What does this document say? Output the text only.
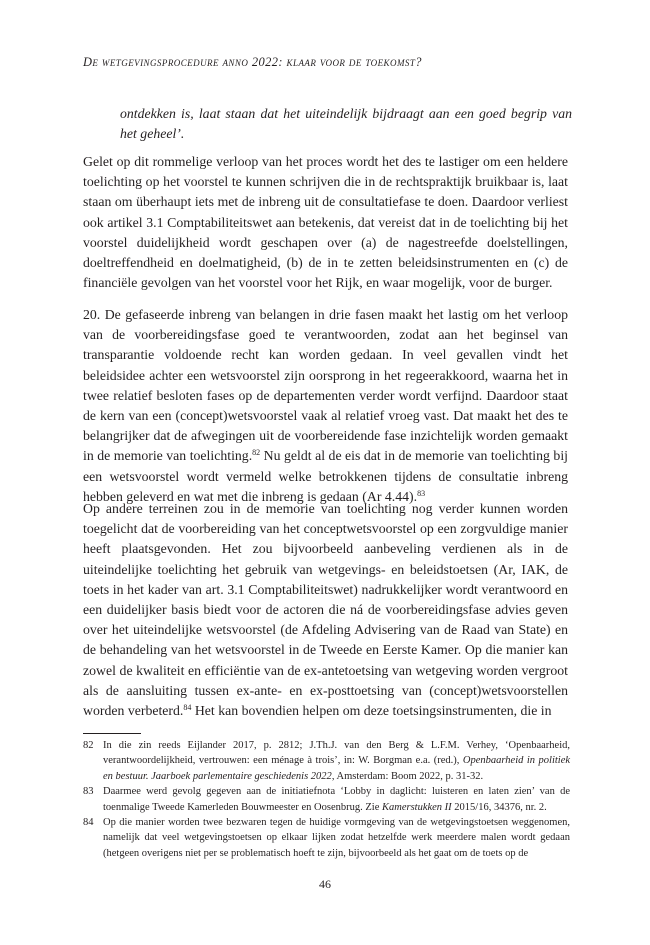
De wetgevingsprocedure anno 2022: klaar voor de toekomst?

ontdekken is, laat staan dat het uiteindelijk bijdraagt aan een goed begrip van het geheel’.

Gelet op dit rommelige verloop van het proces wordt het des te lastiger om een heldere toelichting op het voorstel te kunnen schrijven die in de rechtspraktijk bruikbaar is, laat staan om überhaupt iets met de inbreng uit de consultatiefase te doen. Daardoor verliest ook artikel 3.1 Comptabiliteitswet aan betekenis, dat vereist dat in de toelichting bij het voorstel duidelijkheid wordt geschapen over (a) de nagestreefde doelstellingen, doeltreffendheid en doelmatigheid, (b) de in te zetten beleidsinstrumenten en (c) de financiële gevolgen van het voorstel voor het Rijk, en waar mogelijk, voor de burger.

20. De gefaseerde inbreng van belangen in drie fasen maakt het lastig om het verloop van de voorbereidingsfase goed te verantwoorden, zodat aan het beginsel van transparantie voldoende recht kan worden gedaan. In veel gevallen vindt het beleidsidee achter een wetsvoorstel zijn oorsprong in het regeerakkoord, waarna het in twee relatief besloten fases op de departementen verder wordt verfijnd. Daardoor staat de kern van een (concept)wetsvoorstel vaak al relatief vroeg vast. Dat maakt het des te belangrijker dat de afwegingen uit de voorbereidende fase inzichtelijk worden gemaakt in de memorie van toelichting.$^{82}$ Nu geldt al de eis dat in de memorie van toelichting bij een wetsvoorstel wordt vermeld welke betrokkenen tijdens de consultatie inbreng hebben geleverd en wat met die inbreng is gedaan (Ar 4.44).$^{83}$

Op andere terreinen zou in de memorie van toelichting nog verder kunnen worden toegelicht dat de voorbereiding van het conceptwetsvoorstel op een zorgvuldige manier heeft plaatsgevonden. Het zou bijvoorbeeld aanbeveling verdienen als in de uiteindelijke toelichting het gebruik van wetgevings- en beleidstoetsen (Ar, IAK, de toets in het kader van art. 3.1 Comptabiliteitswet) nadrukkelijker wordt verantwoord en een duidelijker basis biedt voor de actoren die ná de voorbereidingsfase advies geven over het uiteindelijke wetsvoorstel (de Afdeling Advisering van de Raad van State) en de behandeling van het wetsvoorstel in de Tweede en Eerste Kamer. Op die manier kan zowel de kwaliteit en efficiëntie van de ex-antetoetsing van wetgeving worden vergroot als de aansluiting tussen ex-ante- en ex-posttoetsing van (concept)wetsvoorstellen worden verbeterd.$^{84}$ Het kan bovendien helpen om deze toetsingsinstrumenten, die in

82 In die zin reeds Eijlander 2017, p. 2812; J.Th.J. van den Berg & L.F.M. Verhey, ‘Openbaarheid, verantwoordelijkheid, vertrouwen: een ménage à trois’, in: W. Borgman e.a. (red.), Openbaarheid in politiek en bestuur. Jaarboek parlementaire geschiedenis 2022, Amsterdam: Boom 2022, p. 31-32.
83 Daarmee werd gevolg gegeven aan de initiatiefnota ‘Lobby in daglicht: luisteren en laten zien’ van de toenmalige Tweede Kamerleden Bouwmeester en Oosenbrug. Zie Kamerstukken II 2015/16, 34376, nr. 2.
84 Op die manier worden twee bezwaren tegen de huidige vormgeving van de wetgevingstoetsen weggenomen, namelijk dat veel wetgevingstoetsen op elkaar lijken zodat hetzelfde werk meerdere malen wordt gedaan (hetgeen overigens niet per se problematisch hoeft te zijn, bijvoorbeeld als het gaat om de toets op de
46
